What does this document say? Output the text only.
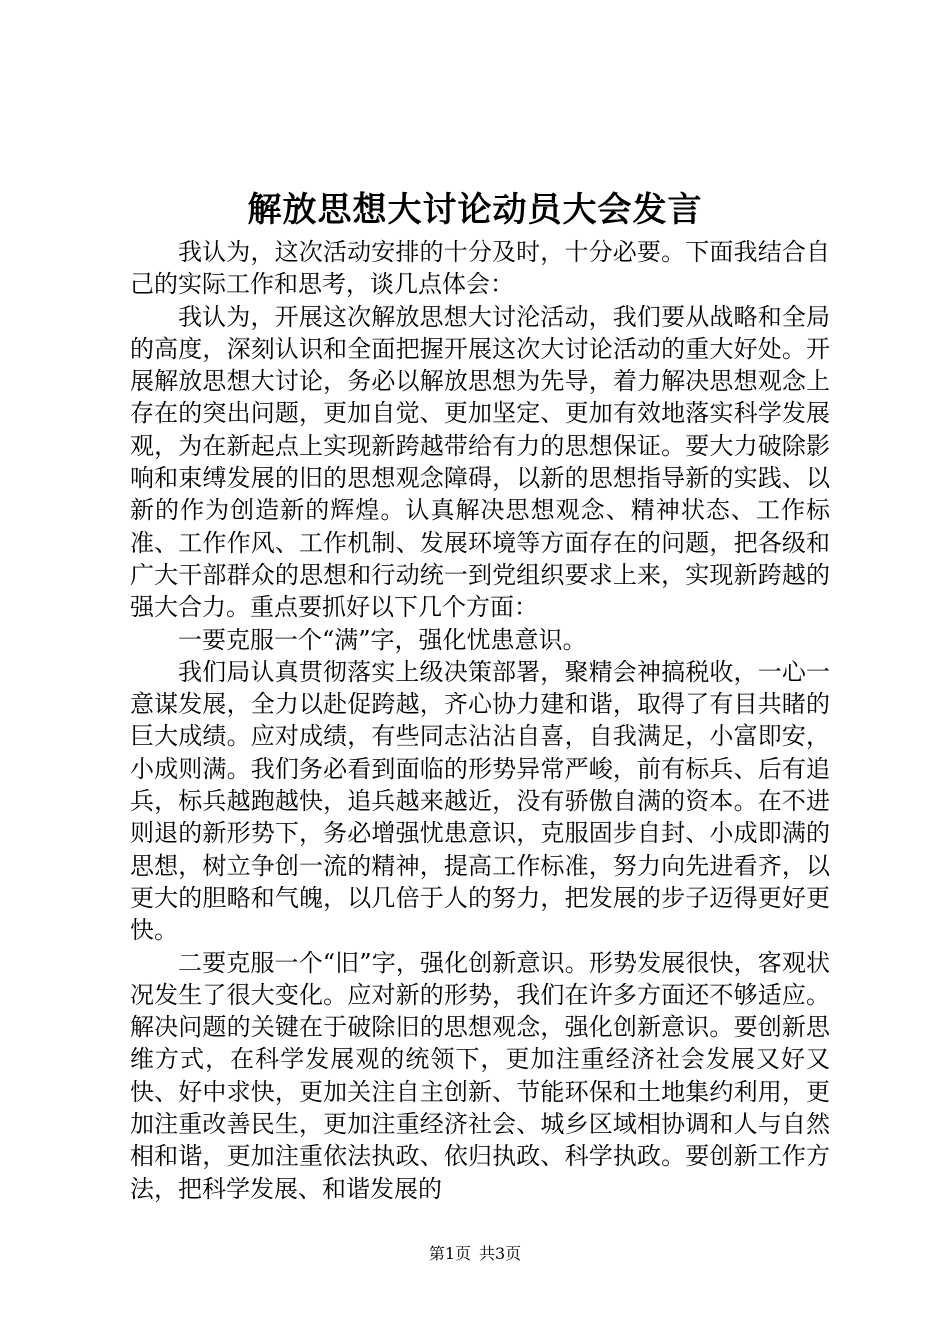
解放思想大讨论动员大会发言

我认为，这次活动安排的十分及时，十分必要。下面我结合自己的实际工作和思考，谈几点体会：

我认为，开展这次解放思想大讨沦活动，我们要从战略和全局的高度，深刻认识和全面把握开展这次大讨论活动的重大好处。开展解放思想大讨论，务必以解放思想为先导，着力解决思想观念上存在的突出问题，更加自觉、更加坚定、更加有效地落实科学发展观，为在新起点上实现新跨越带给有力的思想保证。要大力破除影响和束缚发展的旧的思想观念障碍，以新的思想指导新的实践、以新的作为创造新的辉煌。认真解决思想观念、精神状态、工作标准、工作作风、工作机制、发展环境等方面存在的问题，把各级和广大干部群众的思想和行动统一到党组织要求上来，实现新跨越的强大合力。重点要抓好以下几个方面：

一要克服一个“满”字，强化忧患意识。

我们局认真贯彻落实上级决策部署，聚精会神搞税收，一心一意谋发展，全力以赴促跨越，齐心协力建和谐，取得了有目共睹的巨大成绩。应对成绩，有些同志沾沾自喜，自我满足，小富即安，小成则满。我们务必看到面临的形势异常严峻，前有标兵、后有追兵，标兵越跑越快，追兵越来越近，没有骄傲自满的资本。在不进则退的新形势下，务必增强忧患意识，克服固步自封、小成即满的思想，树立争创一流的精神，提高工作标准，努力向先进看齐，以更大的胆略和气魄，以几倍于人的努力，把发展的步子迈得更好更快。

二要克服一个“旧”字，强化创新意识。形势发展很快，客观状况发生了很大变化。应对新的形势，我们在许多方面还不够适应。解决问题的关键在于破除旧的思想观念，强化创新意识。要创新思维方式，在科学发展观的统领下，更加注重经济社会发展又好又快、好中求快，更加关注自主创新、节能环保和土地集约利用，更加注重改善民生，更加注重经济社会、城乡区域相协调和人与自然相和谐，更加注重依法执政、依归执政、科学执政。要创新工作方法，把科学发展、和谐发展的

第1页 共3页
